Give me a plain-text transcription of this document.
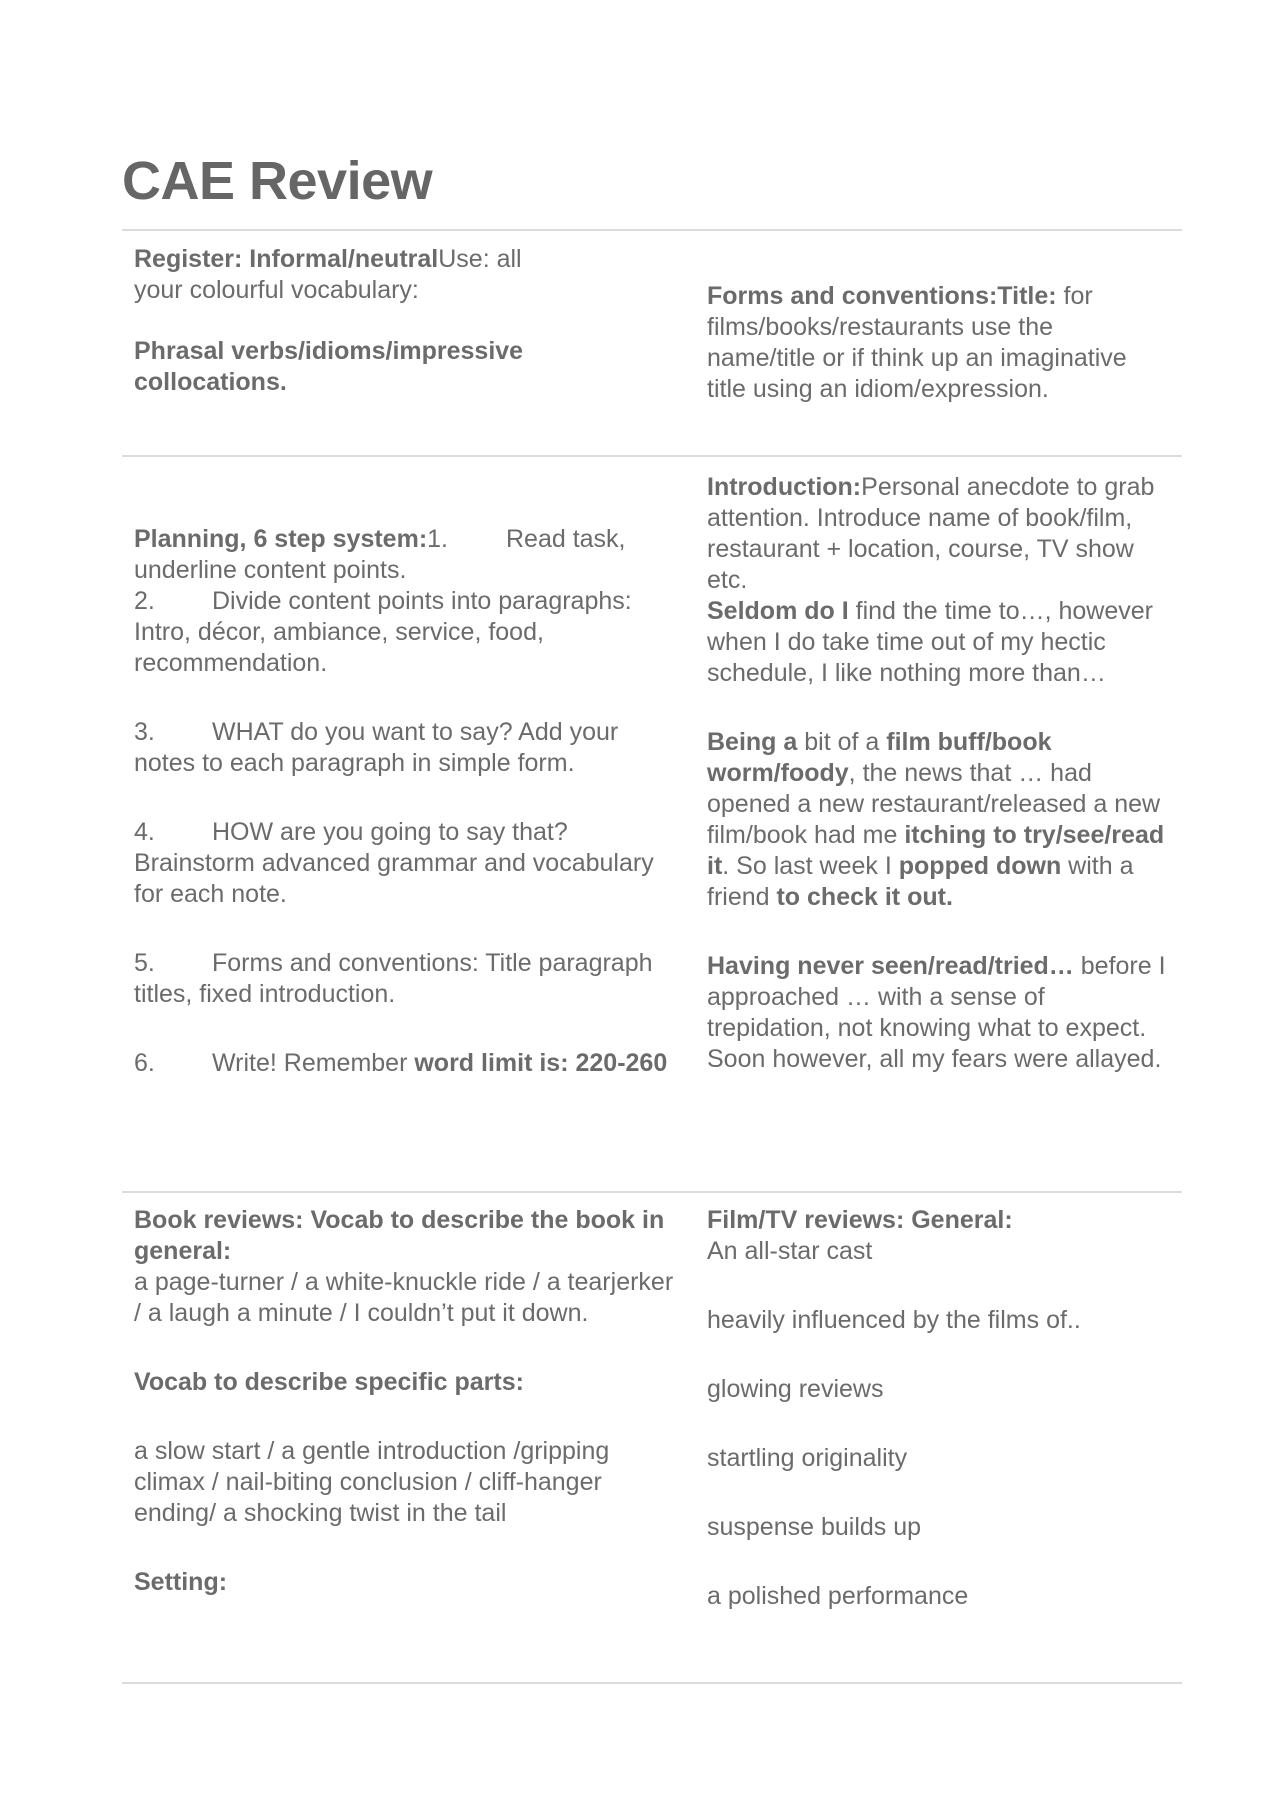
CAE Review

Register: Informal/neutralUse: all your colourful vocabulary:

Phrasal verbs/idioms/impressive collocations.

Forms and conventions:Title: for films/books/restaurants use the name/title or if think up an imaginative title using an idiom/expression.

Planning, 6 step system:1. Read task, underline content points.

2. Divide content points into paragraphs: Intro, décor, ambiance, service, food, recommendation.

3. WHAT do you want to say? Add your notes to each paragraph in simple form.

4. HOW are you going to say that? Brainstorm advanced grammar and vocabulary for each note.

5. Forms and conventions: Title paragraph titles, fixed introduction.

6. Write! Remember word limit is: 220-260

Introduction:Personal anecdote to grab attention. Introduce name of book/film, restaurant + location, course, TV show etc.

Seldom do I find the time to…, however when I do take time out of my hectic schedule, I like nothing more than…

Being a bit of a film buff/book worm/foody, the news that … had opened a new restaurant/released a new film/book had me itching to try/see/read it. So last week I popped down with a friend to check it out.

Having never seen/read/tried… before I approached … with a sense of trepidation, not knowing what to expect. Soon however, all my fears were allayed.

Book reviews: Vocab to describe the book in general:

a page-turner / a white-knuckle ride / a tearjerker / a laugh a minute / I couldn’t put it down.

Vocab to describe specific parts:

a slow start / a gentle introduction /gripping climax / nail-biting conclusion / cliff-hanger ending/ a shocking twist in the tail

Setting:

Film/TV reviews: General:

An all-star cast

heavily influenced by the films of..

glowing reviews

startling originality

suspense builds up

a polished performance
